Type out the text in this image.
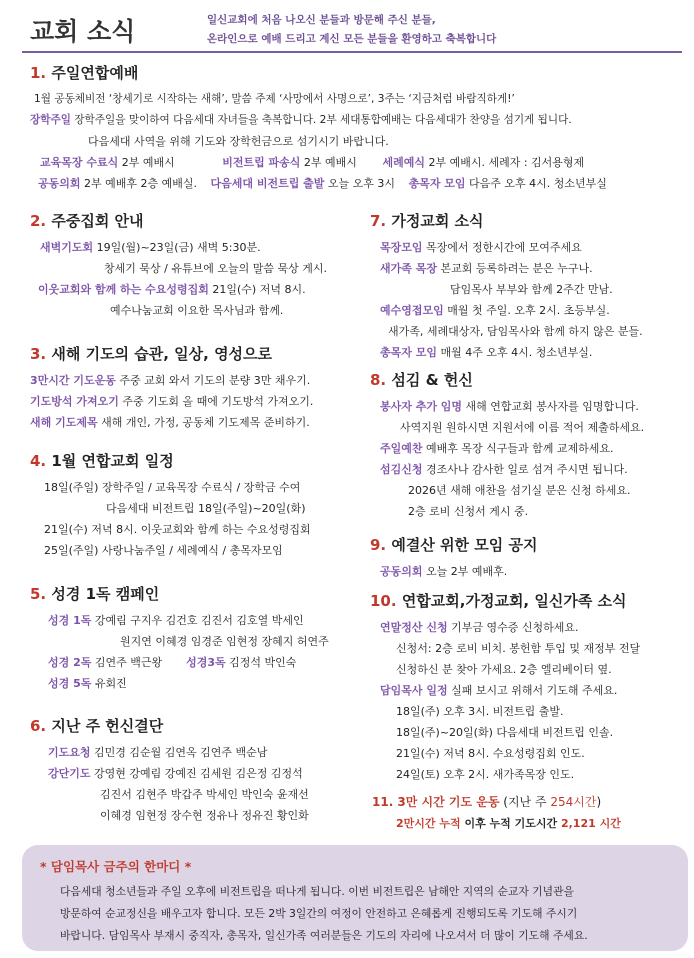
교회 소식	일신교회에 처음 나오신 분들과 방문해 주신 분들,
온라인으로 예배 드리고 계신 모든 분들을 환영하고 축복합니다
1. 주일연합예배
1월 공동체비전 ‘창세기로 시작하는 새해’, 말씀 주제 ‘사망에서 사명으로’, 3주는 ‘지금처럼 바람직하게!’
장학주일 장학주일을 맞이하여 다음세대 자녀들을 축복합니다. 2부 세대통합예배는 다음세대가 찬양을 섬기게 됩니다.
다음세대 사역을 위해 기도와 장학헌금으로 섬기시기 바랍니다.
교육목장 수료식 2부 예배시	비전트립 파송식 2부 예배시 세례예식 2부 예배시. 세례자 : 김서용형제
공동의회 2부 예배후 2층 예배실. 다음세대 비전트립 출발 오늘 오후 3시 총목자 모임 다음주 오후 4시. 청소년부실
2. 주중집회 안내
새벽기도회 19일(월)~23일(금) 새벽 5:30분.
창세기 묵상 / 유튜브에 오늘의 말씀 묵상 게시.
이웃교회와 함께 하는 수요성령집회 21일(수) 저녁 8시.
예수나눔교회 이요한 목사님과 함께.
3. 새해 기도의 습관, 일상, 영성으로
3만시간 기도운동 주중 교회 와서 기도의 분량 3만 채우기.
기도방석 가져오기 주중 기도회 올 때에 기도방석 가져오기.
새해 기도제목 새해 개인, 가정, 공동체 기도제목 준비하기.
4. 1월 연합교회 일정
18일(주일) 장학주일 / 교육목장 수료식 / 장학금 수여
다음세대 비전트립 18일(주일)~20일(화)
21일(수) 저녁 8시. 이웃교회와 함께 하는 수요성령집회
25일(주일) 사랑나눔주일 / 세례예식 / 총목자모임
5. 성경 1독 캠페인
성경 1독 강예림 구지우 김건호 김진서 김호열 박세인
원지연 이혜경 임경준 임현정 장혜지 허연주
성경 2독 김연주 백근왕 성경3독 김정석 박인숙
성경 5독 유회진
6. 지난 주 헌신결단
기도요청 김민경 김순월 김연옥 김연주 백순남
강단기도 강영현 강예림 강예진 김세원 김은정 김정석
김진서 김현주 박갑주 박세인 박인숙 윤재선
이혜경 임현정 장수현 정유나 정유진 황인화
7. 가정교회 소식
목장모임 목장에서 정한시간에 모여주세요
새가족 목장 본교회 등록하려는 분은 누구나.
담임목사 부부와 함께 2주간 만남.
예수영접모임 매월 첫 주일. 오후 2시. 초등부실.
새가족, 세례대상자, 담임목사와 함께 하지 않은 분들.
총목자 모임 매월 4주 오후 4시. 청소년부실.
8. 섬김 & 헌신
봉사자 추가 임명 새해 연합교회 봉사자를 임명합니다.
사역지원 원하시면 지원서에 이름 적어 제출하세요.
주일예찬 예배후 목장 식구들과 함께 교제하세요.
섬김신청 경조사나 감사한 일로 섬겨 주시면 됩니다.
2026년 새해 애찬을 섬기실 분은 신청 하세요.
2층 로비 신청서 게시 중.
9. 예결산 위한 모임 공지
공동의회 오늘 2부 예배후.
10. 연합교회,가정교회, 일신가족 소식
연말정산 신청 기부금 영수증 신청하세요.
신청서: 2층 로비 비치. 봉헌함 투입 및 재정부 전달
신청하신 분 찾아 가세요. 2층 엘리베이터 옆.
담임목사 일정 실패 보시고 위해서 기도해 주세요.
18일(주) 오후 3시. 비전트립 출발.
18일(주)~20일(화) 다음세대 비전트립 인솔.
21일(수) 저녁 8시. 수요성령집회 인도.
24일(토) 오후 2시. 새가족목장 인도.
11. 3만 시간 기도 운동 (지난 주 254시간)
2만시간 누적 이후 누적 기도시간 2,121 시간
* 담임목사 금주의 한마디 *
다음세대 청소년들과 주일 오후에 비전트립을 떠나게 됩니다. 이번 비전트립은 남해안 지역의 순교자 기념관을
방문하여 순교정신을 배우고자 합니다. 모든 2박 3일간의 여정이 안전하고 은혜롭게 진행되도록 기도해 주시기
바랍니다. 담임목사 부재시 중직자, 총목자, 일신가족 여러분들은 기도의 자리에 나오셔서 더 많이 기도해 주세요.
